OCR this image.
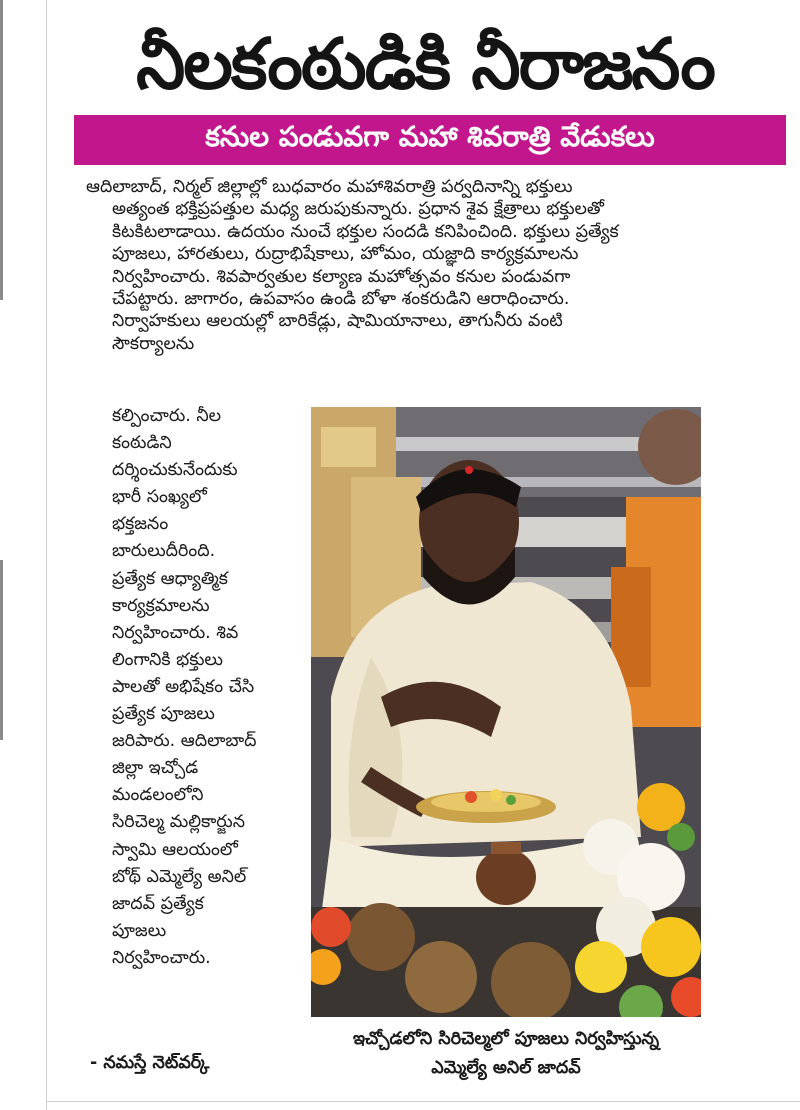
నీలకంఠుడికి నీరాజనం
కనుల పండువగా మహా శివరాత్రి వేడుకలు
ఆదిలాబాద్, నిర్మల్ జిల్లాల్లో బుధవారం మహాశివరాత్రి పర్వదినాన్ని భక్తులు
అత్యంత భక్తిప్రపత్తుల మధ్య జరుపుకున్నారు. ప్రధాన శైవ క్షేత్రాలు భక్తులతో
కిటకిటలాడాయి. ఉదయం నుంచే భక్తుల సందడి కనిపించింది. భక్తులు ప్రత్యేక
పూజలు, హారతులు, రుద్రాభిషేకాలు, హోమం, యజ్ఞాది కార్యక్రమాలను
నిర్వహించారు. శివపార్వతుల కల్యాణ మహోత్సవం కనుల పండువగా
చేపట్టారు. జాగారం, ఉపవాసం ఉండి బోళా శంకరుడిని ఆరాధించారు.
నిర్వాహకులు ఆలయల్లో బారికేడ్లు, షామియానాలు, తాగునీరు వంటి
సౌకర్యాలను
కల్పించారు. నీల
కంఠుడిని
దర్శించుకునేందుకు
భారీ సంఖ్యలో
భక్తజనం
బారులుదీరింది.
ప్రత్యేక ఆధ్యాత్మిక
కార్యక్రమాలను
నిర్వహించారు. శివ
లింగానికి భక్తులు
పాలతో అభిషేకం చేసి
ప్రత్యేక పూజలు
జరిపారు. ఆదిలాబాద్
జిల్లా ఇచ్చోడ
మండలంలోని
సిరిచెల్మ మల్లికార్జున
స్వామి ఆలయంలో
బోథ్ ఎమ్మెల్యే అనిల్
జాదవ్ ప్రత్యేక
పూజలు
నిర్వహించారు.
- నమస్తే నెట్‌వర్క్
ఇచ్చోడలోని సిరిచెల్మలో పూజలు నిర్వహిస్తున్న
ఎమ్మెల్యే అనిల్ జాదవ్
